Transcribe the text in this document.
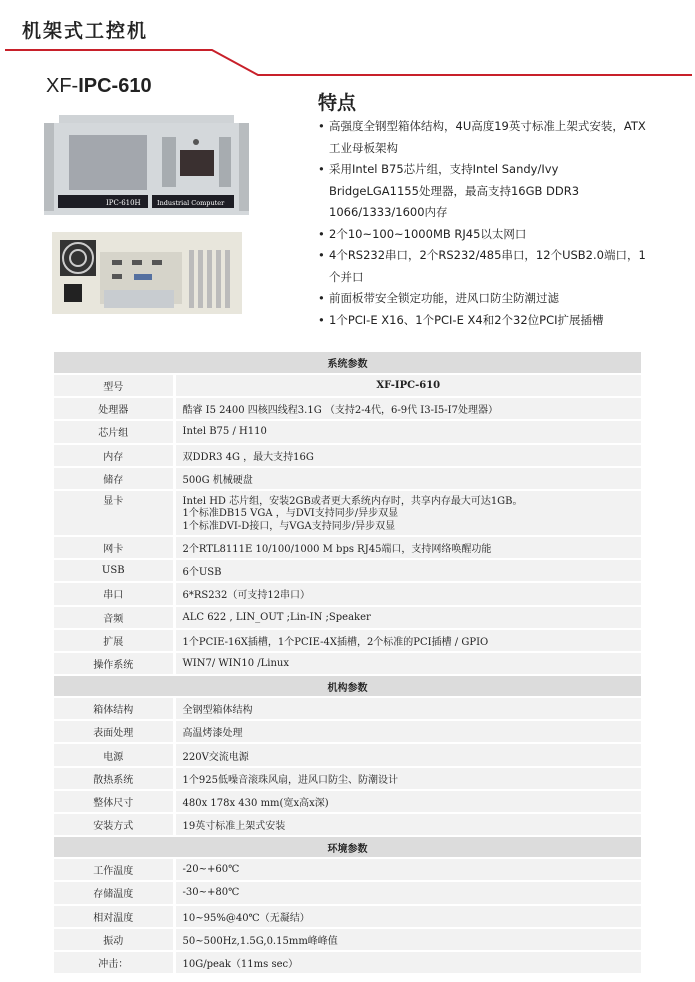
机架式工控机
XF-IPC-610
IPC-610H	Industrial Computer
特点
• 高强度全钢型箱体结构，4U高度19英寸标准上架式安装，ATX工业母板架构
• 采用Intel B75芯片组，支持Intel Sandy/Ivy BridgeLGA1155处理器，最高支持16GB DDR3 1066/1333/1600内存
• 2个10~100~1000MB RJ45以太网口
• 4个RS232串口，2个RS232/485串口，12个USB2.0端口，1个并口
• 前面板带安全锁定功能，进风口防尘防潮过滤
• 1个PCI-E X16、1个PCI-E X4和2个32位PCI扩展插槽
系统参数	
型号	XF-IPC-610
处理器	酷睿 I5 2400 四核四线程3.1G （支持2-4代，6-9代 I3-I5-I7处理器）
芯片组	Intel B75 / H110
内存	双DDR3 4G ，最大支持16G
储存	500G 机械硬盘
显卡	Intel HD 芯片组，安装2GB或者更大系统内存时，共享内存最大可达1GB。
1个标准DB15 VGA ，与DVI支持同步/异步双显
1个标准DVI-D接口，与VGA支持同步/异步双显
网卡	2个RTL8111E 10/100/1000 M bps RJ45端口，支持网络唤醒功能
USB	6个USB
串口	6*RS232（可支持12串口）
音频	ALC 622 , LIN_OUT ;Lin-IN ;Speaker
扩展	1个PCIE-16X插槽，1个PCIE-4X插槽，2个标准的PCI插槽 / GPIO
操作系统	WIN7/ WIN10 /Linux
机构参数	
箱体结构	全钢型箱体结构
表面处理	高温烤漆处理
电源	220V交流电源
散热系统	1个925低噪音滚珠风扇，进风口防尘、防潮设计
整体尺寸	480x 178x 430 mm(宽x高x深)
安装方式	19英寸标准上架式安装
环境参数	
工作温度	-20~+60℃
存储温度	-30~+80℃
相对温度	10~95%@40℃（无凝结）
振动	50~500Hz,1.5G,0.15mm峰峰值
冲击：	10G/peak（11ms sec）
